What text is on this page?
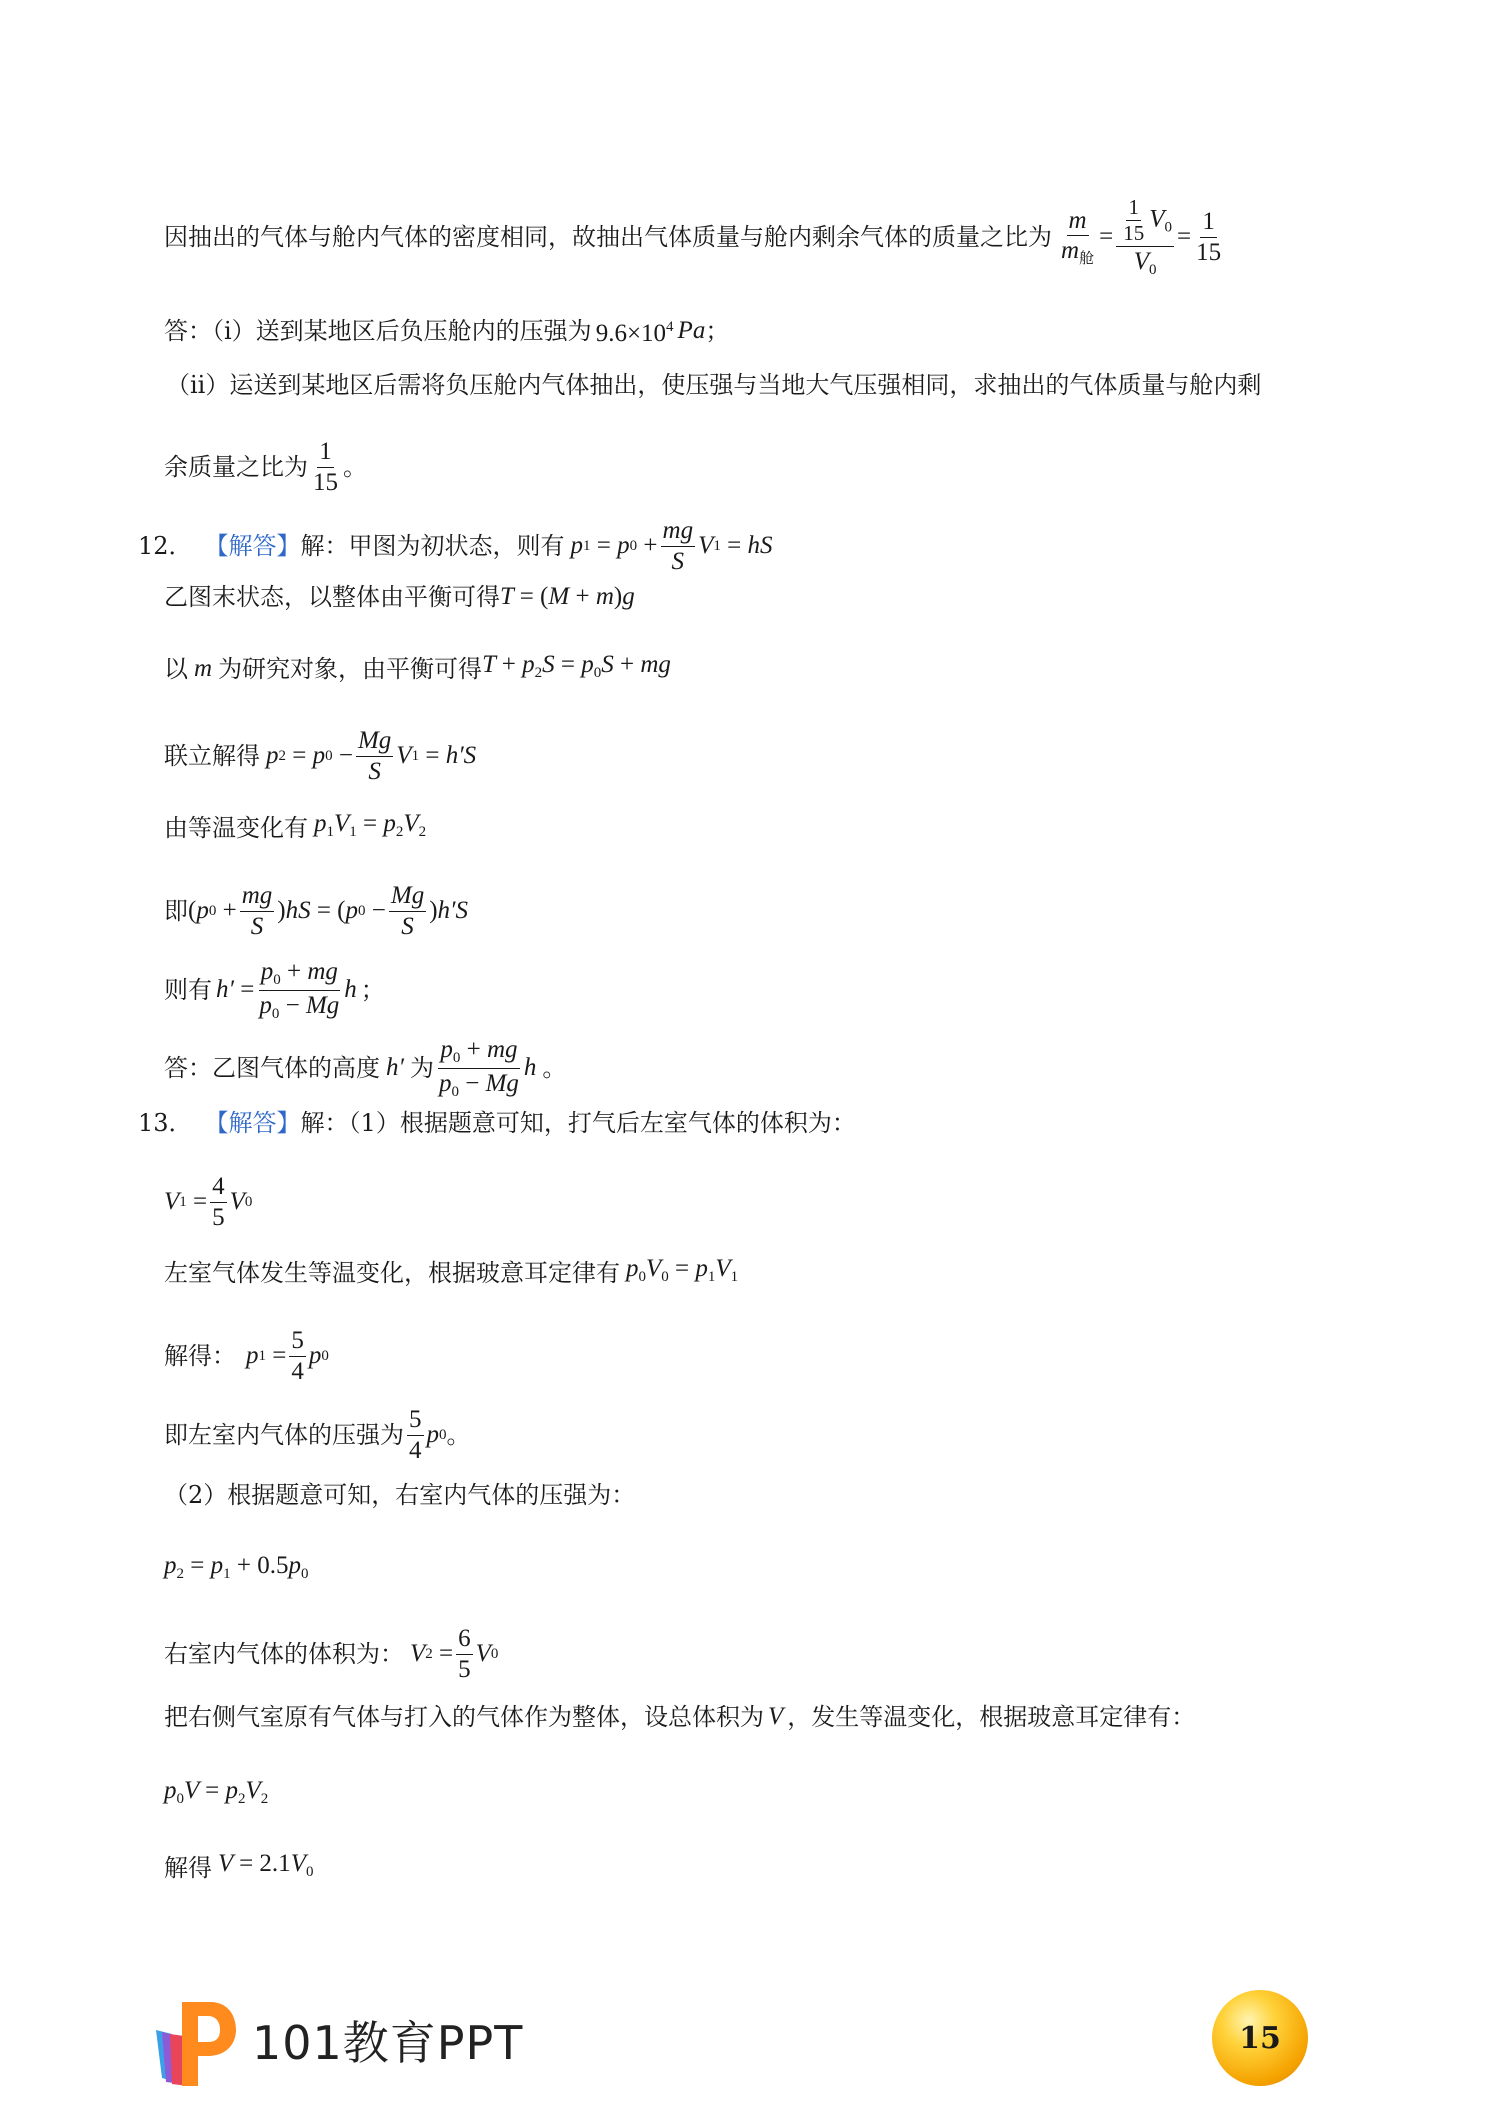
因抽出的气体与舱内气体的密度相同，故抽出气体质量与舱内剩余气体的质量之比为 $\frac{m}{m_舱} = \frac{\frac{1}{15} V_0}{V_0} = \frac{1}{15}$
答：（i）送到某地区后负压舱内的压强为 $9.6\times 10^4$ Pa ；
（ii）运送到某地区后需将负压舱内气体抽出，使压强与当地大气压强相同，求抽出的气体质量与舱内剩
余质量之比为 $\frac{1}{15}$ 。
12． 【解答】 解：甲图为初状态，则有 p 1
= p 0
+ $\frac{mg}{S}$ V 1
= hS
乙图末状态，以整体由平衡可得 T = (M + m)g
以 m 为研究对象，由平衡可得 $T + p_2S = p_0S$ + mg
联立解得 p 2
= p 0
− $\frac{Mg}{S}$ V 1
= h′S
由等温变化有 $p_1V_1 = p_2V_2$
即 ( p 0
+ $\frac{mg}{S}$ ) hS = ( p 0
− $\frac{Mg}{S}$ ) h′S
则有 $h' = \frac{p_0 + mg}{p_0 - Mg}$ h ；
答：乙图气体的高度 h′ 为 $\frac{p_0 + mg}{p_0 - Mg}$ h 。
13． 【解答】 解：（1）根据题意可知，打气后左室气体的体积为：
V 1
= $\frac{4}{5}$ V 0
左室气体发生等温变化，根据玻意耳定律有 $p_0V_0 = p_1V_1$
解得： p 1
= $\frac{5}{4}$ p 0
即左室内气体的压强为 $\frac{5}{4}$ p 0 。
（2）根据题意可知，右室内气体的压强为：
$p_2 = p_1 + 0.5p_0$
右室内气体的体积为： V 2
= $\frac{6}{5}$ V 0
把右侧气室原有气体与打入的气体作为整体，设总体积为 V ，发生等温变化，根据玻意耳定律有：
$p_0V = p_2V_2$
解得 $V = 2.1V_0$
101教育PPT	15
